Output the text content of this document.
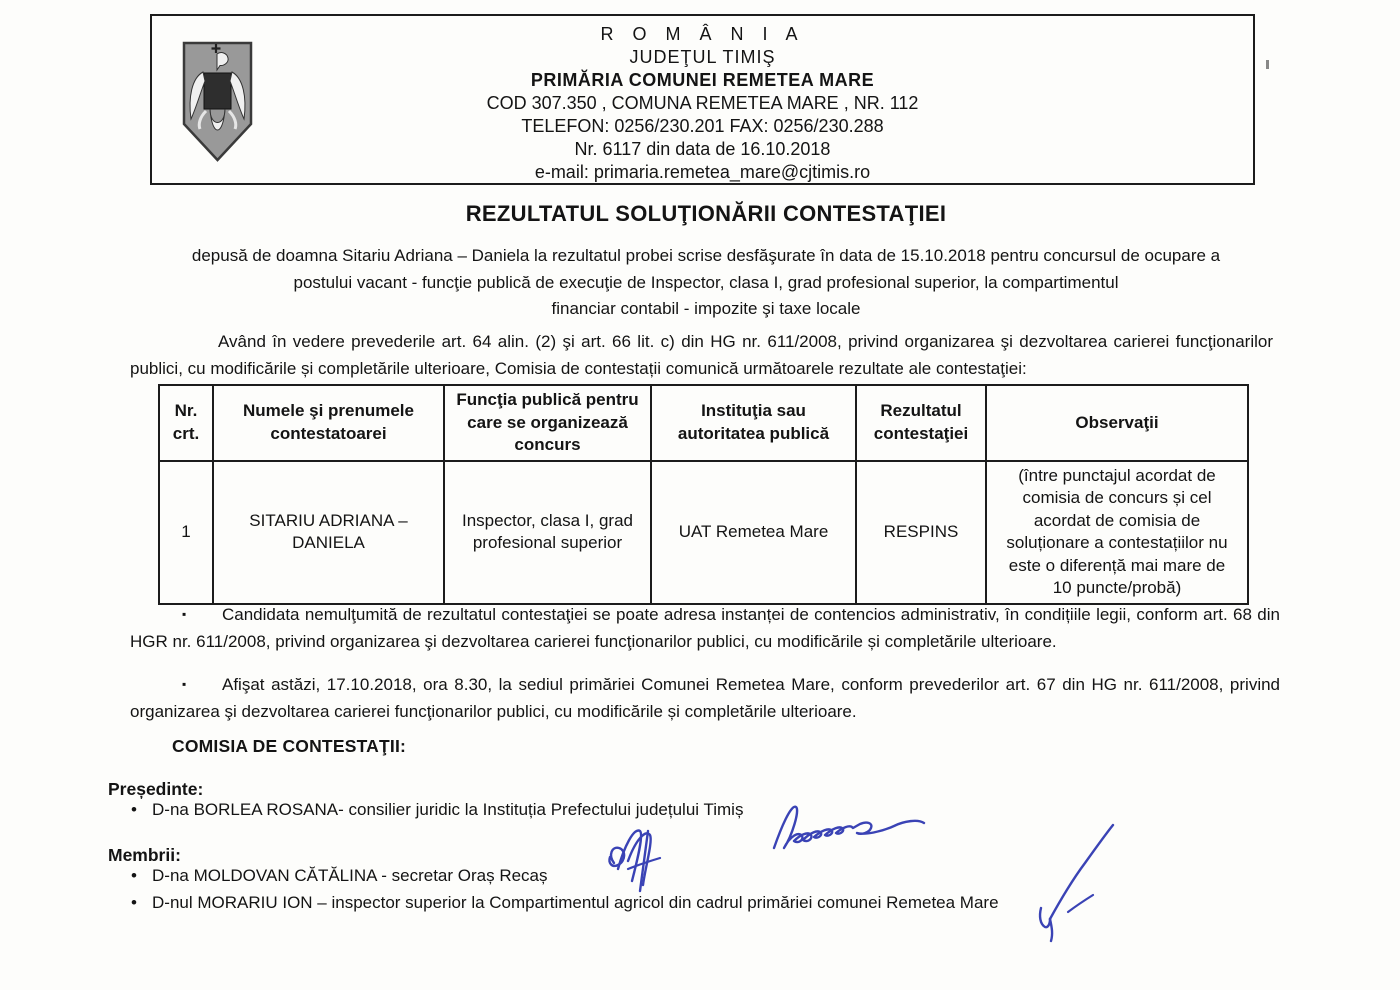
R O M Â N I A
JUDEŢUL TIMIŞ
PRIMĂRIA COMUNEI REMETEA MARE
COD 307.350 , COMUNA REMETEA MARE , NR. 112
TELEFON: 0256/230.201 FAX: 0256/230.288
Nr. 6117 din data de 16.10.2018
e-mail: primaria.remetea_mare@cjtimis.ro
REZULTATUL SOLUŢIONĂRII CONTESTAŢIEI
depusă de doamna Sitariu Adriana – Daniela la rezultatul probei scrise desfăşurate în data de 15.10.2018 pentru concursul de ocupare a
postului vacant - funcţie publică de execuţie de Inspector, clasa I, grad profesional superior, la compartimentul
financiar contabil - impozite şi taxe locale
Având în vedere prevederile art. 64 alin. (2) şi art. 66 lit. c) din HG nr. 611/2008, privind organizarea şi dezvoltarea carierei funcţionarilor publici, cu modificările și completările ulterioare, Comisia de contestații comunică următoarele rezultate ale contestaţiei:
Nr. crt.	Numele şi prenumele contestatoarei	Funcţia publică pentru care se organizează concurs	Instituţia sau autoritatea publică	Rezultatul contestaţiei	Observaţii
1	SITARIU ADRIANA – DANIELA	Inspector, clasa I, grad profesional superior	UAT Remetea Mare	RESPINS	(între punctajul acordat de comisia de concurs și cel acordat de comisia de soluționare a contestațiilor nu este o diferență mai mare de 10 puncte/probă)

▪ Candidata nemulţumită de rezultatul contestaţiei se poate adresa instanței de contencios administrativ, în condițiile legii, conform art. 68 din HGR nr. 611/2008, privind organizarea şi dezvoltarea carierei funcţionarilor publici, cu modificările și completările ulterioare.

▪ Afişat astăzi, 17.10.2018, ora 8.30, la sediul primăriei Comunei Remetea Mare, conform prevederilor art. 67 din HG nr. 611/2008, privind organizarea şi dezvoltarea carierei funcţionarilor publici, cu modificările și completările ulterioare.

COMISIA DE CONTESTAŢII:
Președinte:
• D-na BORLEA ROSANA- consilier juridic la Instituția Prefectului județului Timiș
Membrii:
• D-na MOLDOVAN CĂTĂLINA - secretar Oraș Recaș
• D-nul MORARIU ION – inspector superior la Compartimentul agricol din cadrul primăriei comunei Remetea Mare
